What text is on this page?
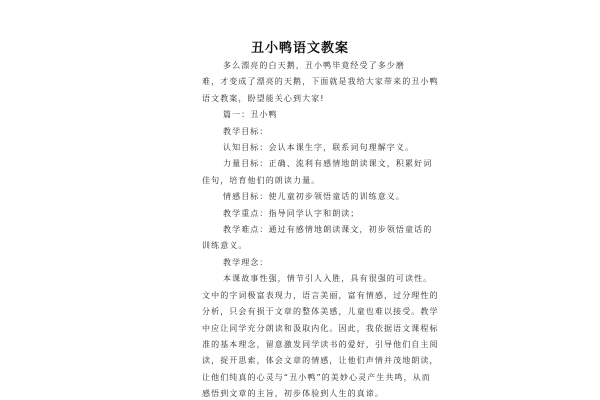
丑小鸭语文教案

多么漂亮的白天鹅，丑小鸭毕竟经受了多少磨

难，才变成了漂亮的天鹅，下面就是我给大家带来的丑小鸭

语文教案，盼望能关心到大家!

篇一：丑小鸭

教学目标：

认知目标：会认本课生字，联系词句理解字义。

力量目标：正确、流利有感情地朗读课文，积累好词

佳句，培育他们的朗读力量。

情感目标：使儿童初步领悟童话的训练意义。

教学重点：指导同学认字和朗读；

教学难点：通过有感情地朗读课文，初步领悟童话的

训练意义。

教学理念：

本课故事性强，情节引人入胜，具有很强的可读性。

文中的字词极富表现力，语言美丽，富有情感，过分理性的

分析，只会有损于文章的整体美感，儿童也难以接受。教学

中应让同学充分朗读和汲取内化。因此，我依据语文课程标

准的基本理念，留意激发同学读书的爱好，引导他们自主阅

读，捉开思索，体会文章的情感，让他们声情并茂地朗读，

让他们纯真的心灵与“丑小鸭”的美妙心灵产生共鸣，从而

感悟到文章的主旨，初步体验到人生的真谛。
